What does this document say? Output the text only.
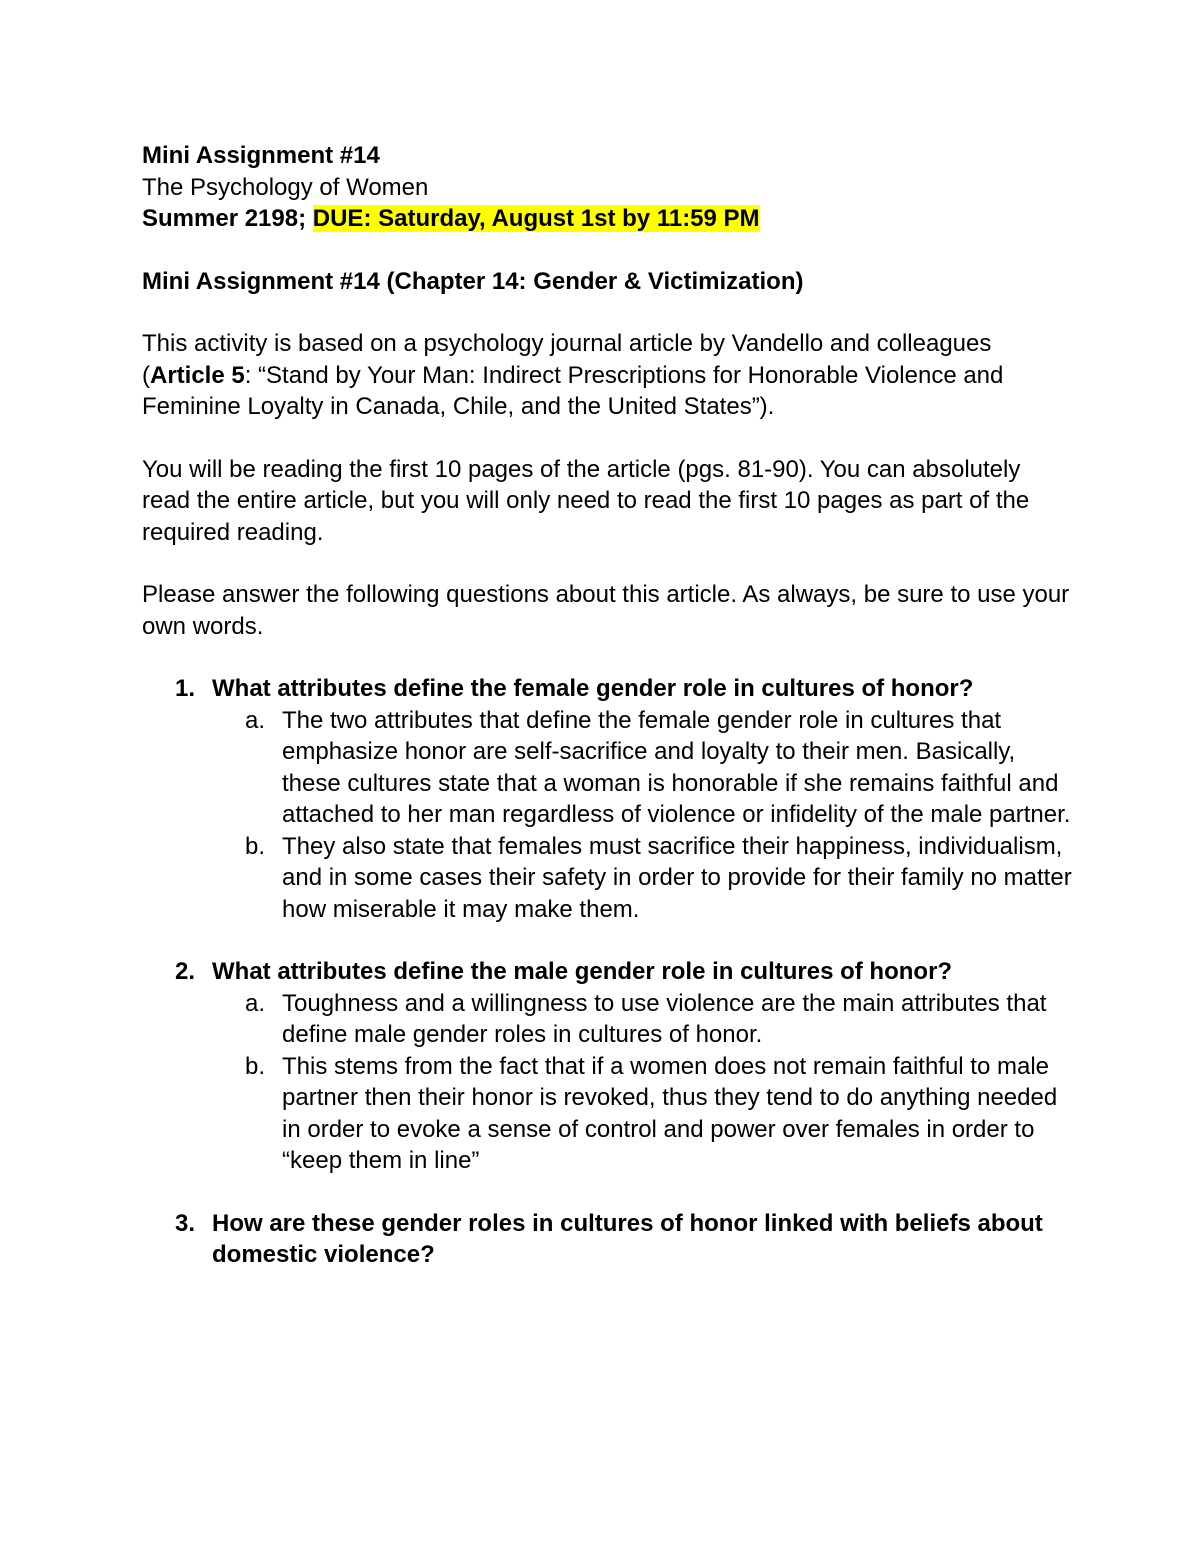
Mini Assignment #14
The Psychology of Women
Summer 2198; DUE: Saturday, August 1st by 11:59 PM
Mini Assignment #14 (Chapter 14: Gender & Victimization)

This activity is based on a psychology journal article by Vandello and colleagues (Article 5: “Stand by Your Man: Indirect Prescriptions for Honorable Violence and Feminine Loyalty in Canada, Chile, and the United States”).

You will be reading the first 10 pages of the article (pgs. 81-90). You can absolutely read the entire article, but you will only need to read the first 10 pages as part of the required reading.

Please answer the following questions about this article. As always, be sure to use your own words.

1. What attributes define the female gender role in cultures of honor?
a. The two attributes that define the female gender role in cultures that emphasize honor are self-sacrifice and loyalty to their men. Basically, these cultures state that a woman is honorable if she remains faithful and attached to her man regardless of violence or infidelity of the male partner.
b. They also state that females must sacrifice their happiness, individualism, and in some cases their safety in order to provide for their family no matter how miserable it may make them.
2. What attributes define the male gender role in cultures of honor?
a. Toughness and a willingness to use violence are the main attributes that define male gender roles in cultures of honor.
b. This stems from the fact that if a women does not remain faithful to male partner then their honor is revoked, thus they tend to do anything needed in order to evoke a sense of control and power over females in order to “keep them in line”
3. How are these gender roles in cultures of honor linked with beliefs about domestic violence?
